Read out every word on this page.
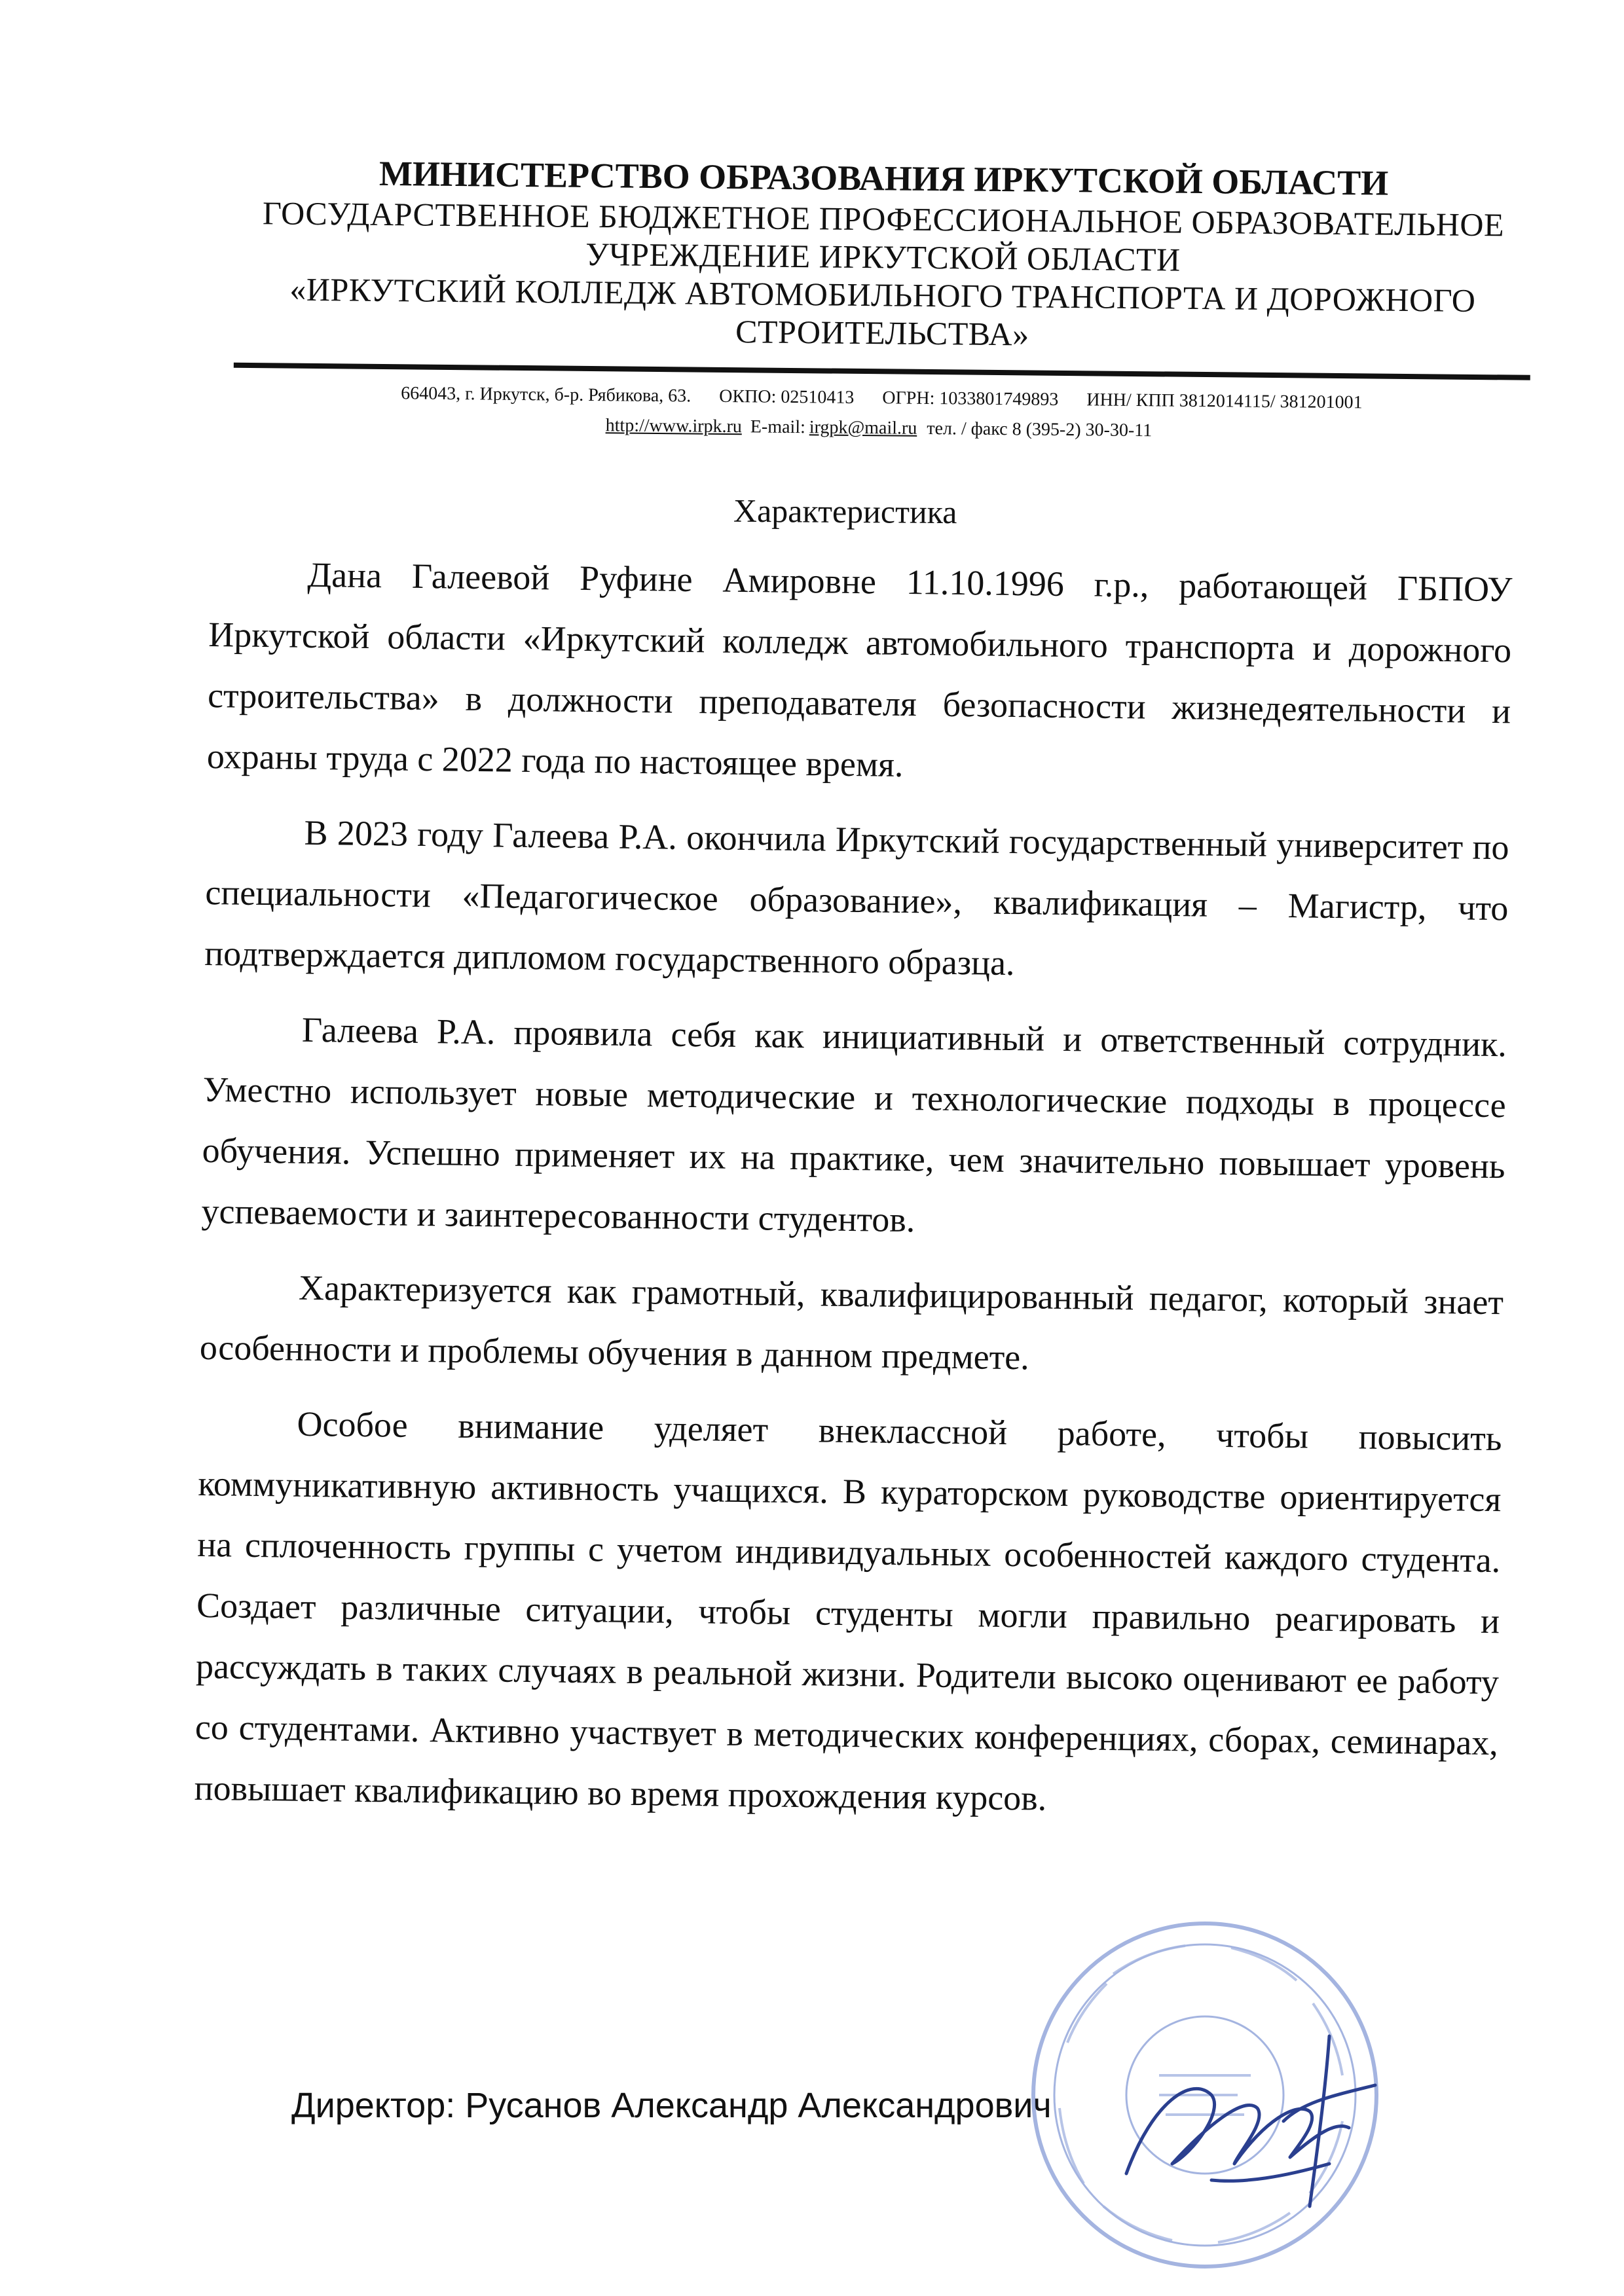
МИНИСТЕРСТВО ОБРАЗОВАНИЯ ИРКУТСКОЙ ОБЛАСТИ

ГОСУДАРСТВЕННОЕ БЮДЖЕТНОЕ ПРОФЕССИОНАЛЬНОЕ ОБРАЗОВАТЕЛЬНОЕ

УЧРЕЖДЕНИЕ ИРКУТСКОЙ ОБЛАСТИ

«ИРКУТСКИЙ КОЛЛЕДЖ АВТОМОБИЛЬНОГО ТРАНСПОРТА И ДОРОЖНОГО

СТРОИТЕЛЬСТВА»

664043, г. Иркутск, б-р. Рябикова, 63. ОКПО: 02510413 ОГРН: 1033801749893 ИНН/ КПП 3812014115/ 381201001

http://www.irpk.ru E-mail: irgpk@mail.ru тел. / факс 8 (395-2) 30-30-11

Характеристика

Дана Галеевой Руфине Амировне 11.10.1996 г.р., работающей ГБПОУ Иркутской области «Иркутский колледж автомобильного транспорта и дорожного строительства» в должности преподавателя безопасности жизнедеятельности и охраны труда с 2022 года по настоящее время.

В 2023 году Галеева Р.А. окончила Иркутский государственный университет по специальности «Педагогическое образование», квалификация – Магистр, что подтверждается дипломом государственного образца.

Галеева Р.А. проявила себя как инициативный и ответственный сотрудник. Уместно использует новые методические и технологические подходы в процессе обучения. Успешно применяет их на практике, чем значительно повышает уровень успеваемости и заинтересованности студентов.

Характеризуется как грамотный, квалифицированный педагог, который знает особенности и проблемы обучения в данном предмете.

Особое внимание уделяет внеклассной работе, чтобы повысить коммуникативную активность учащихся. В кураторском руководстве ориентируется на сплоченность группы с учетом индивидуальных особенностей каждого студента. Создает различные ситуации, чтобы студенты могли правильно реагировать и рассуждать в таких случаях в реальной жизни. Родители высоко оценивают ее работу со студентами. Активно участвует в методических конференциях, сборах, семинарах, повышает квалификацию во время прохождения курсов.

Директор: Русанов Александр Александрович
